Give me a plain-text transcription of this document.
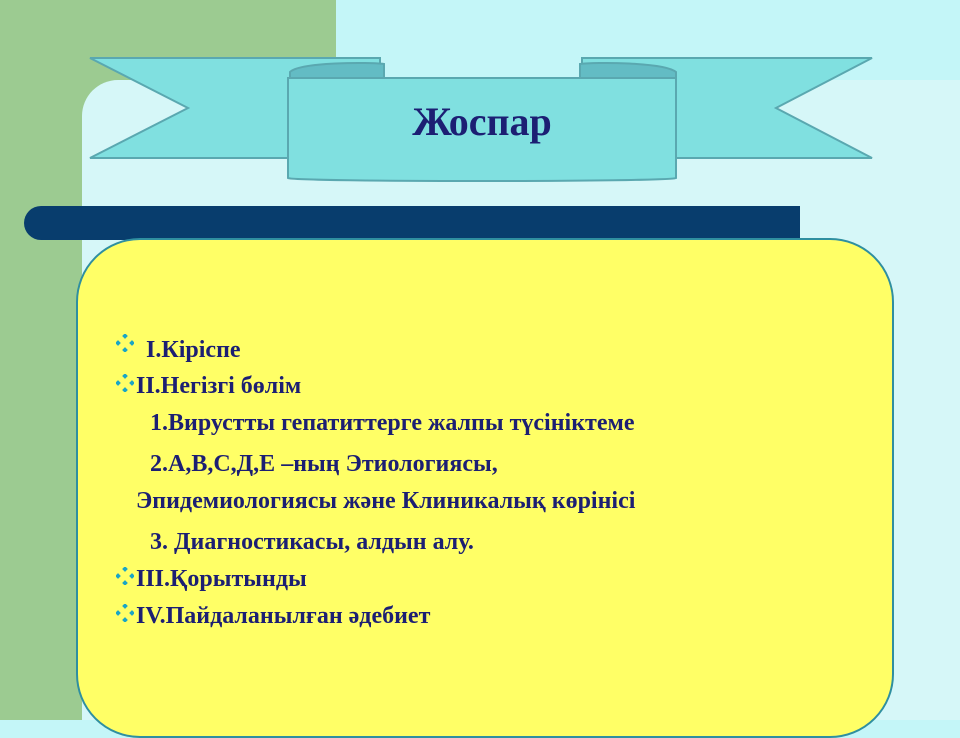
Жоспар
І.Кіріспе
ІІ.Негізгі бөлім
1.Вирустты гепатиттерге жалпы түсініктеме
2.А,В,С,Д,Е –ның Этиологиясы,
Эпидемиологиясы және Клиникалық көрінісі
3. Диагностикасы, алдын алу.
ІІІ.Қорытынды
ІV.Пайдаланылған әдебиет
